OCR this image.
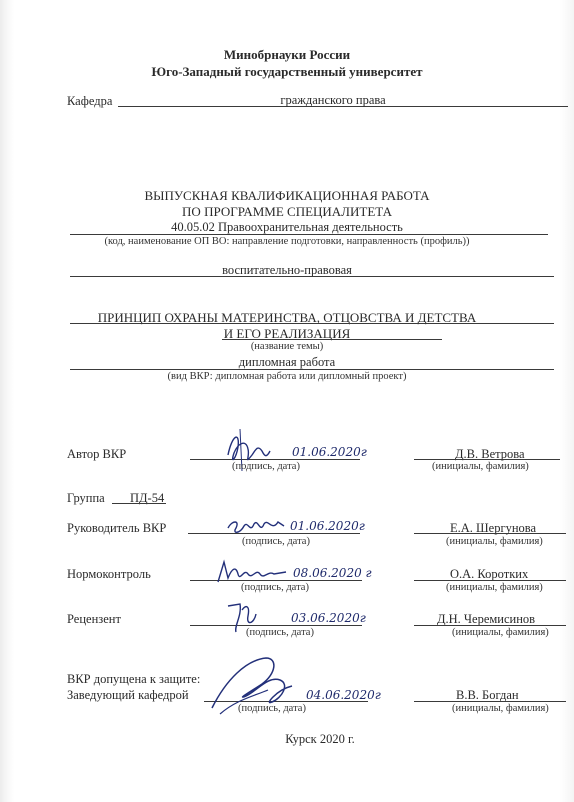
Минобрнауки России
Юго-Западный государственный университет
Кафедра	гражданского права
ВЫПУСКНАЯ КВАЛИФИКАЦИОННАЯ РАБОТА
ПО ПРОГРАММЕ СПЕЦИАЛИТЕТА
40.05.02 Правоохранительная деятельность
(код, наименование ОП ВО: направление подготовки, направленность (профиль))
воспитательно-правовая
ПРИНЦИП ОХРАНЫ МАТЕРИНСТВА, ОТЦОВСТВА И ДЕТСТВА
И ЕГО РЕАЛИЗАЦИЯ
(название темы)
дипломная работа
(вид ВКР: дипломная работа или дипломный проект)
Автор ВКР	01.06.2020г
(подпись, дата)
Д.В. Ветрова
(инициалы, фамилия)
Группа ПД-54
Руководитель ВКР	01.06.2020г
(подпись, дата)
Е.А. Шергунова
(инициалы, фамилия)
Нормоконтроль	08.06.2020 г
(подпись, дата)
О.А. Коротких
(инициалы, фамилия)
Рецензент	03.06.2020г
(подпись, дата)
Д.Н. Черемисинов
(инициалы, фамилия)
ВКР допущена к защите:
Заведующий кафедрой	04.06.2020г
(подпись, дата)
В.В. Богдан
(инициалы, фамилия)
Курск 2020 г.
